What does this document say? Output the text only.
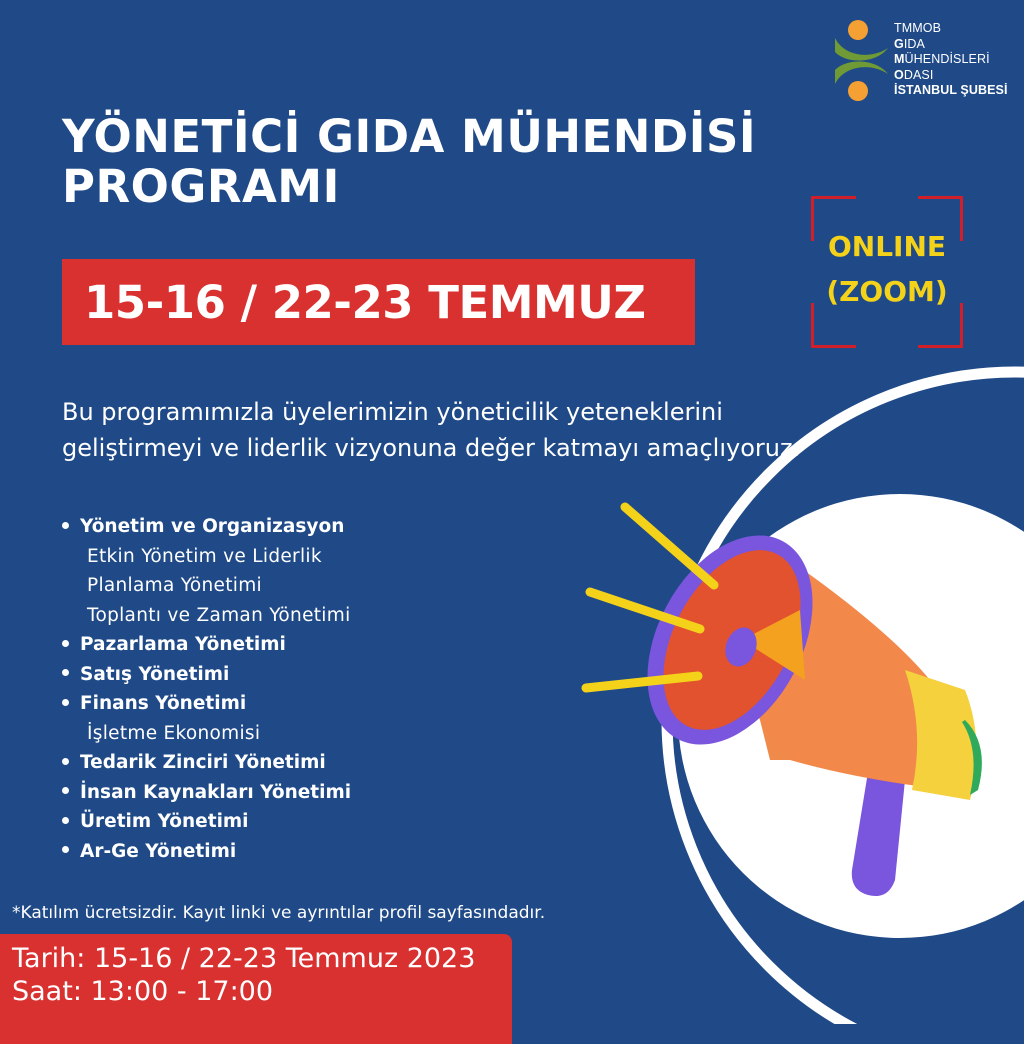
TMMOB
GIDA
MÜHENDİSLERİ
ODASI
İSTANBUL ŞUBESİ
YÖNETİCİ GIDA MÜHENDİSİ
PROGRAMI
15-16 / 22-23 TEMMUZ
ONLINE
(ZOOM)
Bu programımızla üyelerimizin yöneticilik yeteneklerini
geliştirmeyi ve liderlik vizyonuna değer katmayı amaçlıyoruz.
Yönetim ve Organizasyon
Etkin Yönetim ve Liderlik
Planlama Yönetimi
Toplantı ve Zaman Yönetimi
Pazarlama Yönetimi
Satış Yönetimi
Finans Yönetimi
İşletme Ekonomisi
Tedarik Zinciri Yönetimi
İnsan Kaynakları Yönetimi
Üretim Yönetimi
Ar-Ge Yönetimi
*Katılım ücretsizdir. Kayıt linki ve ayrıntılar profil sayfasındadır.
Tarih: 15-16 / 22-23 Temmuz 2023
Saat: 13:00 - 17:00
